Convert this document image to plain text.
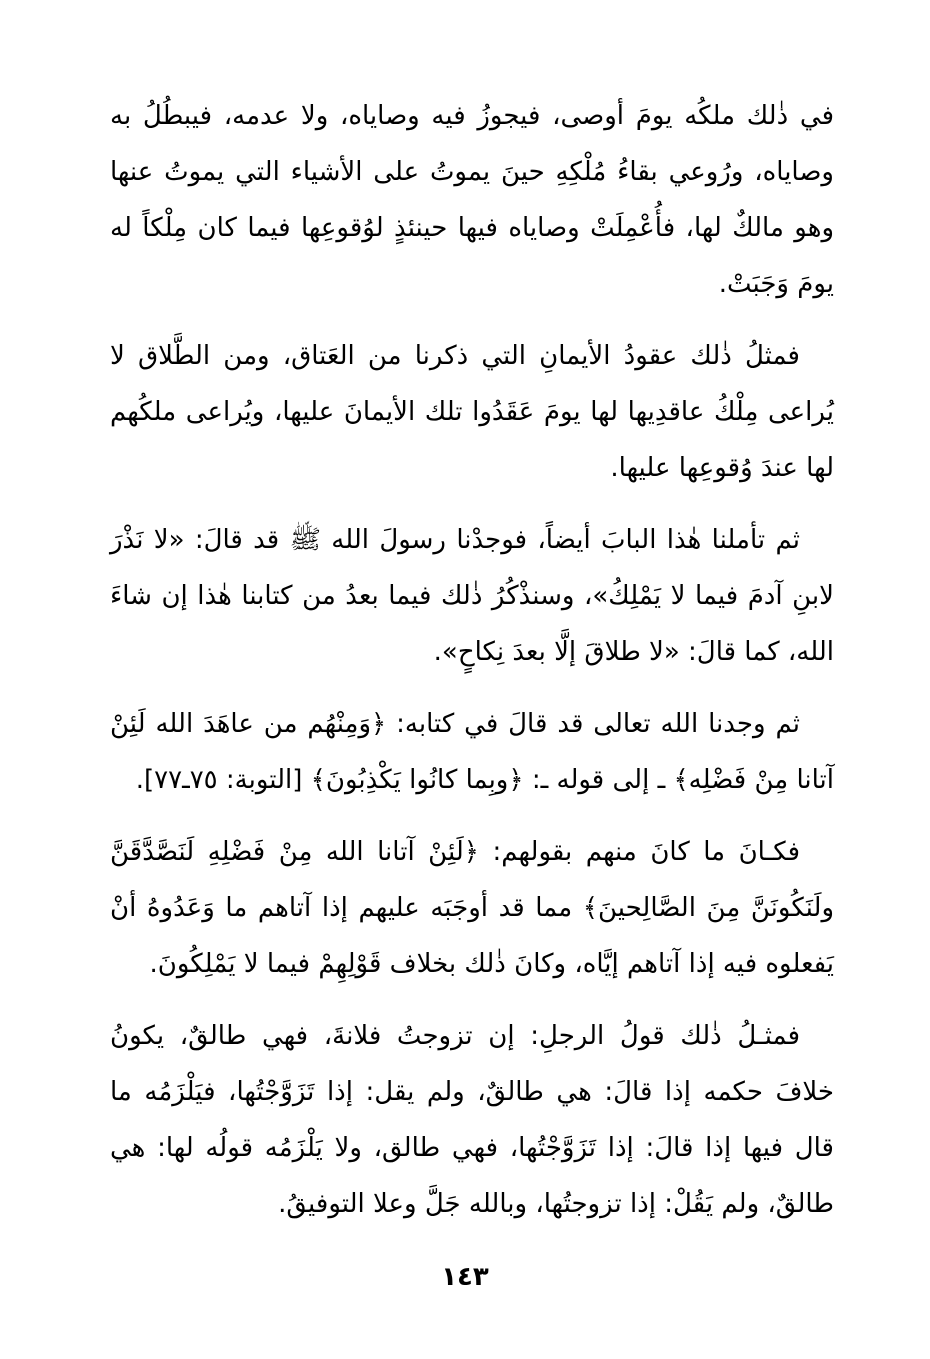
في ذٰلك ملكُه يومَ أوصى، فيجوزُ فيه وصاياه، ولا عدمه، فيبطُلُ به وصاياه، ورُوعي بقاءُ مُلْكِهِ حينَ يموتُ على الأشياء التي يموتُ عنها وهو مالكٌ لها، فأُعْمِلَتْ وصاياه فيها حينئذٍ لوُقوعِها فيما كان مِلْكاً له يومَ وَجَبَتْ.

فمثلُ ذٰلك عقودُ الأيمانِ التي ذكرنا من العَتاق، ومن الطَّلاق لا يُراعى مِلْكُ عاقدِيها لها يومَ عَقَدُوا تلك الأيمانَ عليها، ويُراعى ملكُهم لها عندَ وُقوعِها عليها.

ثم تأملنا هٰذا البابَ أيضاً، فوجدْنا رسولَ الله ﷺ قد قالَ: «لا نَذْرَ لابنِ آدمَ فيما لا يَمْلِكُ»، وسنذْكُرُ ذٰلك فيما بعدُ من كتابنا هٰذا إن شاءَ الله، كما قالَ: «لا طلاقَ إلَّا بعدَ نِكاحٍ».

ثم وجدنا الله تعالى قد قالَ في كتابه: ﴿وَمِنْهُم من عاهَدَ الله لَئِنْ آتانا مِنْ فَضْلِه﴾ ـ إلى قوله ـ: ﴿وبِما كانُوا يَكْذِبُونَ﴾ [التوبة: ٧٥ـ٧٧].

فكـانَ ما كانَ منهم بقولهم: ﴿لَئِنْ آتانا الله مِنْ فَضْلِهِ لَنَصَّدَّقَنَّ ولَنَكُونَنَّ مِنَ الصَّالِحينَ﴾ مما قد أوجَبَه عليهم إذا آتاهم ما وَعَدُوهُ أنْ يَفعلوه فيه إذا آتاهم إيَّاه، وكانَ ذٰلك بخلاف قَوْلِهِمْ فيما لا يَمْلِكُونَ.

فمثـلُ ذٰلك قولُ الرجلِ: إن تزوجتُ فلانةَ، فهي طالقٌ، يكونُ خلافَ حكمه إذا قالَ: هي طالقٌ، ولم يقل: إذا تَزَوَّجْتُها، فيَلْزَمُه ما قال فيها إذا قالَ: إذا تَزَوَّجْتُها، فهي طالق، ولا يَلْزَمُه قولُه لها: هي طالقٌ، ولم يَقُلْ: إذا تزوجتُها، وبالله جَلَّ وعلا التوفيقُ.

١٤٣
